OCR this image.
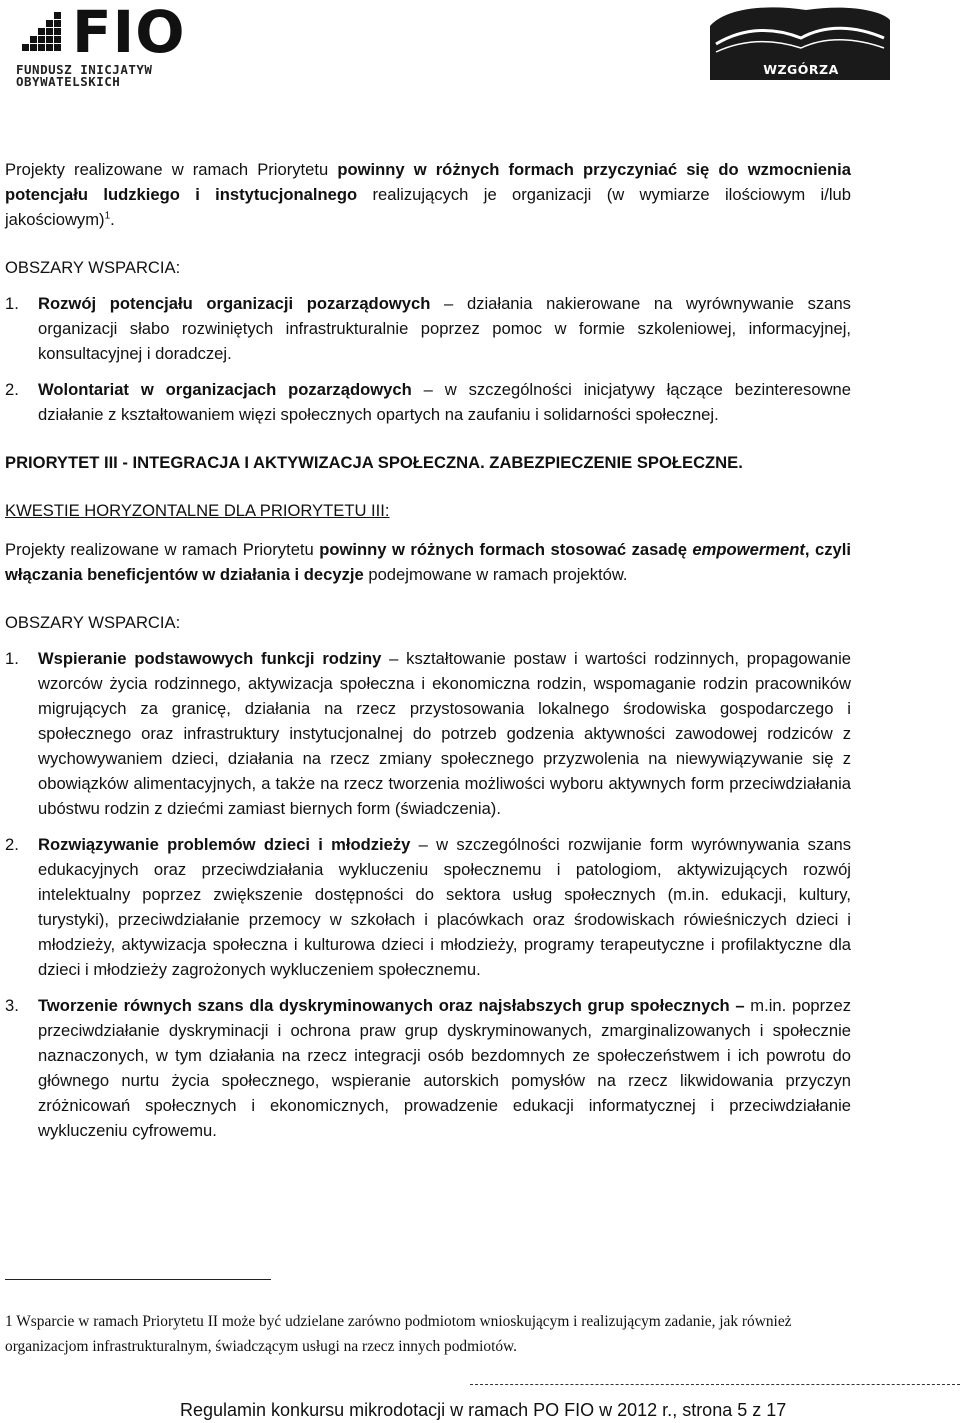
FIO
FUNDUSZ INICJATYW
OBYWATELSKICH
WZGÓRZA DALKOWSKIE

Projekty realizowane w ramach Priorytetu powinny w różnych formach przyczyniać się do wzmocnienia potencjału ludzkiego i instytucjonalnego realizujących je organizacji (w wymiarze ilościowym i/lub jakościowym)$^1$.

OBSZARY WSPARCIA:

1. Rozwój potencjału organizacji pozarządowych – działania nakierowane na wyrównywanie szans organizacji słabo rozwiniętych infrastrukturalnie poprzez pomoc w formie szkoleniowej, informacyjnej, konsultacyjnej i doradczej.

2. Wolontariat w organizacjach pozarządowych – w szczególności inicjatywy łączące bezinteresowne działanie z kształtowaniem więzi społecznych opartych na zaufaniu i solidarności społecznej.

PRIORYTET III - INTEGRACJA I AKTYWIZACJA SPOŁECZNA. ZABEZPIECZENIE SPOŁECZNE.

KWESTIE HORYZONTALNE DLA PRIORYTETU III:

Projekty realizowane w ramach Priorytetu powinny w różnych formach stosować zasadę empowerment, czyli włączania beneficjentów w działania i decyzje podejmowane w ramach projektów.

OBSZARY WSPARCIA:

1. Wspieranie podstawowych funkcji rodziny – kształtowanie postaw i wartości rodzinnych, propagowanie wzorców życia rodzinnego, aktywizacja społeczna i ekonomiczna rodzin, wspomaganie rodzin pracowników migrujących za granicę, działania na rzecz przystosowania lokalnego środowiska gospodarczego i społecznego oraz infrastruktury instytucjonalnej do potrzeb godzenia aktywności zawodowej rodziców z wychowywaniem dzieci, działania na rzecz zmiany społecznego przyzwolenia na niewywiązywanie się z obowiązków alimentacyjnych, a także na rzecz tworzenia możliwości wyboru aktywnych form przeciwdziałania ubóstwu rodzin z dziećmi zamiast biernych form (świadczenia).

2. Rozwiązywanie problemów dzieci i młodzieży – w szczególności rozwijanie form wyrównywania szans edukacyjnych oraz przeciwdziałania wykluczeniu społecznemu i patologiom, aktywizujących rozwój intelektualny poprzez zwiększenie dostępności do sektora usług społecznych (m.in. edukacji, kultury, turystyki), przeciwdziałanie przemocy w szkołach i placówkach oraz środowiskach rówieśniczych dzieci i młodzieży, aktywizacja społeczna i kulturowa dzieci i młodzieży, programy terapeutyczne i profilaktyczne dla dzieci i młodzieży zagrożonych wykluczeniem społecznemu.

3. Tworzenie równych szans dla dyskryminowanych oraz najsłabszych grup społecznych – m.in. poprzez przeciwdziałanie dyskryminacji i ochrona praw grup dyskryminowanych, zmarginalizowanych i społecznie naznaczonych, w tym działania na rzecz integracji osób bezdomnych ze społeczeństwem i ich powrotu do głównego nurtu życia społecznego, wspieranie autorskich pomysłów na rzecz likwidowania przyczyn zróżnicowań społecznych i ekonomicznych, prowadzenie edukacji informatycznej i przeciwdziałanie wykluczeniu cyfrowemu.

1 Wsparcie w ramach Priorytetu II może być udzielane zarówno podmiotom wnioskującym i realizującym zadanie, jak również organizacjom infrastrukturalnym, świadczącym usługi na rzecz innych podmiotów.

Regulamin konkursu mikrodotacji w ramach PO FIO w 2012 r., strona 5 z 17
